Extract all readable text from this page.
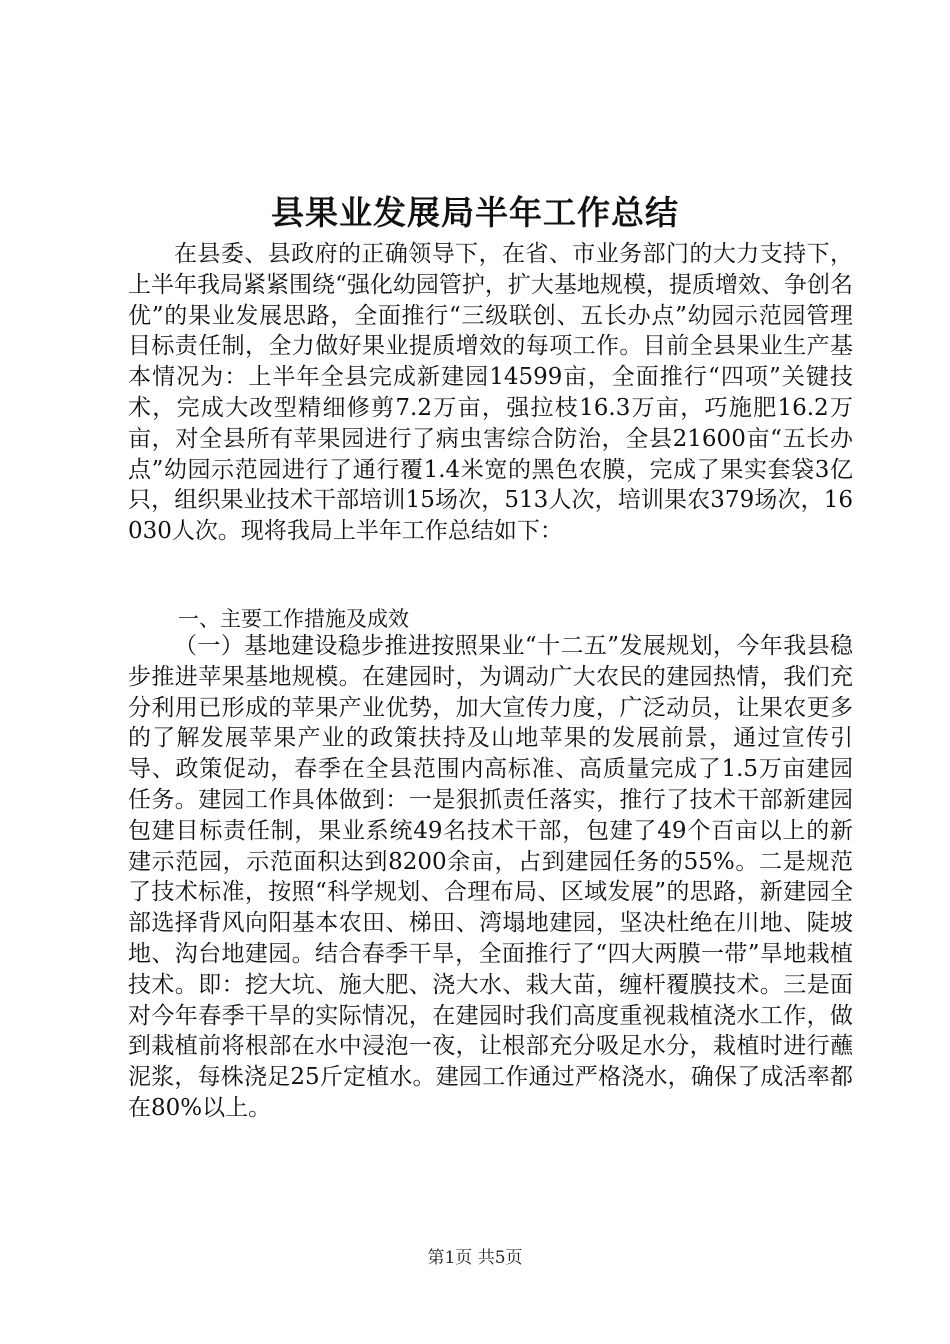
县果业发展局半年工作总结
在县委、县政府的正确领导下，在省、市业务部门的大力支持下，上半年我局紧紧围绕“强化幼园管护，扩大基地规模，提质增效、争创名优”的果业发展思路，全面推行“三级联创、五长办点”幼园示范园管理目标责任制，全力做好果业提质增效的每项工作。目前全县果业生产基本情况为：上半年全县完成新建园14599亩，全面推行“四项”关键技术，完成大改型精细修剪7.2万亩，强拉枝16.3万亩，巧施肥16.2万亩，对全县所有苹果园进行了病虫害综合防治，全县21600亩“五长办点”幼园示范园进行了通行覆1.4米宽的黑色农膜，完成了果实套袋3亿只，组织果业技术干部培训15场次，513人次，培训果农379场次，16030人次。现将我局上半年工作总结如下：
一、主要工作措施及成效
（一）基地建设稳步推进按照果业“十二五”发展规划，今年我县稳步推进苹果基地规模。在建园时，为调动广大农民的建园热情，我们充分利用已形成的苹果产业优势，加大宣传力度，广泛动员，让果农更多的了解发展苹果产业的政策扶持及山地苹果的发展前景，通过宣传引导、政策促动，春季在全县范围内高标准、高质量完成了1.5万亩建园任务。建园工作具体做到：一是狠抓责任落实，推行了技术干部新建园包建目标责任制，果业系统49名技术干部，包建了49个百亩以上的新建示范园，示范面积达到8200余亩，占到建园任务的55%。二是规范了技术标准，按照“科学规划、合理布局、区域发展”的思路，新建园全部选择背风向阳基本农田、梯田、湾塌地建园，坚决杜绝在川地、陡坡地、沟台地建园。结合春季干旱，全面推行了“四大两膜一带”旱地栽植技术。即：挖大坑、施大肥、浇大水、栽大苗，缠杆覆膜技术。三是面对今年春季干旱的实际情况，在建园时我们高度重视栽植浇水工作，做到栽植前将根部在水中浸泡一夜，让根部充分吸足水分，栽植时进行蘸泥浆，每株浇足25斤定植水。建园工作通过严格浇水，确保了成活率都在80%以上。
第1页 共5页
